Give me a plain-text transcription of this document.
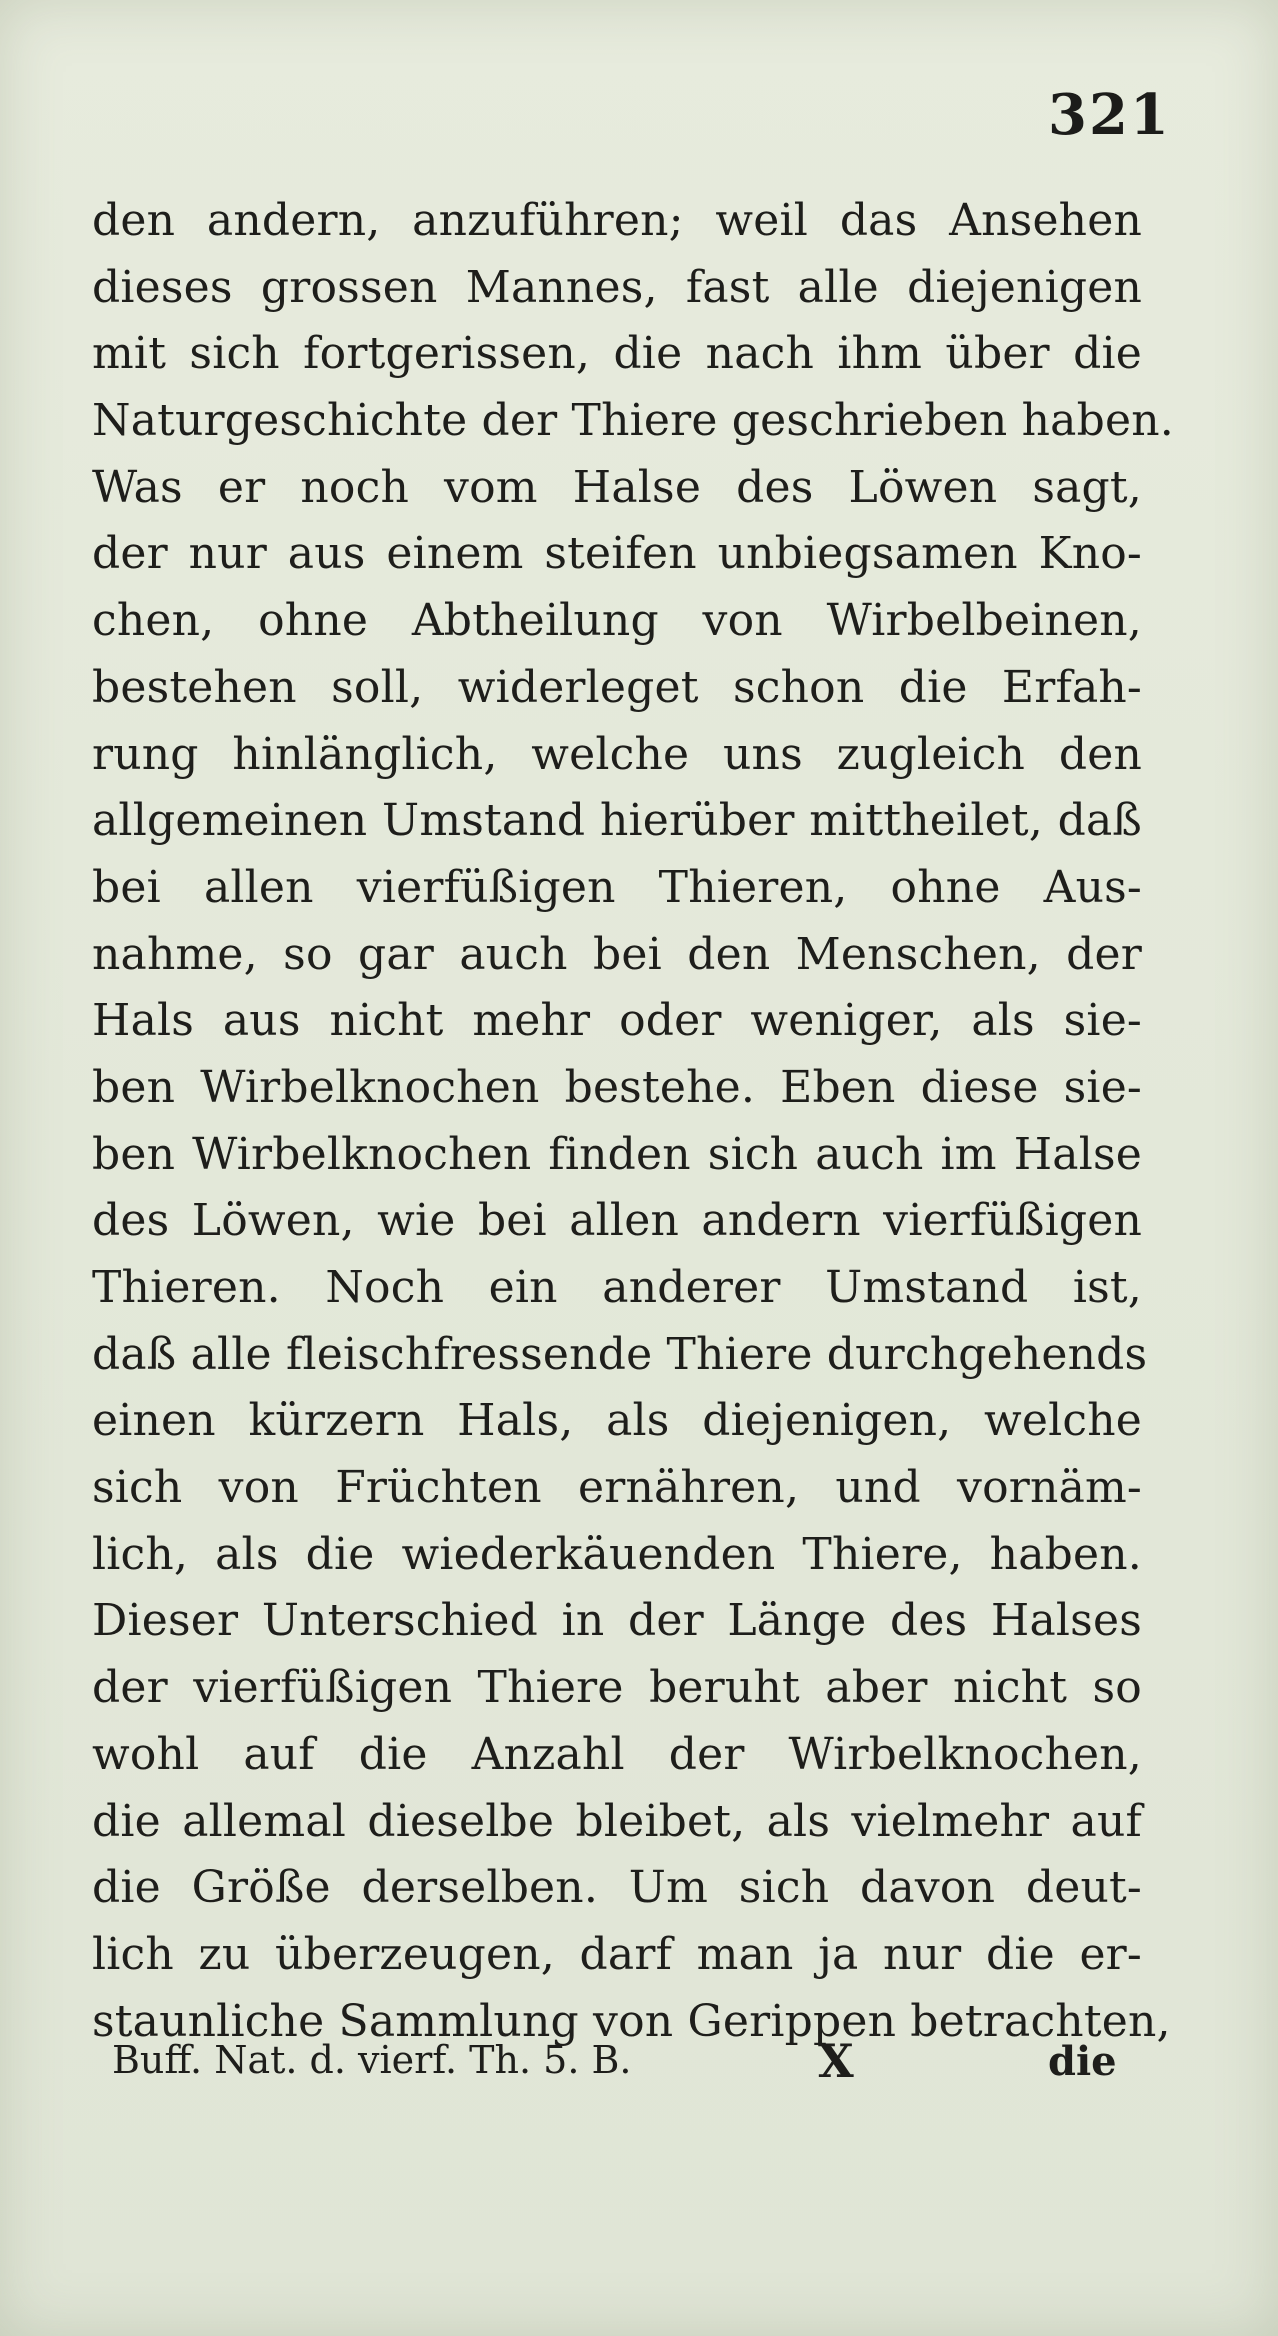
321
den andern, anzuführen; weil das Ansehen
dieses grossen Mannes, fast alle diejenigen
mit sich fortgerissen, die nach ihm über die
Naturgeschichte der Thiere geschrieben haben.
Was er noch vom Halse des Löwen sagt,
der nur aus einem steifen unbiegsamen Kno-
chen, ohne Abtheilung von Wirbelbeinen,
bestehen soll, widerleget schon die Erfah-
rung hinlänglich, welche uns zugleich den
allgemeinen Umstand hierüber mittheilet, daß
bei allen vierfüßigen Thieren, ohne Aus-
nahme, so gar auch bei den Menschen, der
Hals aus nicht mehr oder weniger, als sie-
ben Wirbelknochen bestehe. Eben diese sie-
ben Wirbelknochen finden sich auch im Halse
des Löwen, wie bei allen andern vierfüßigen
Thieren. Noch ein anderer Umstand ist,
daß alle fleischfressende Thiere durchgehends
einen kürzern Hals, als diejenigen, welche
sich von Früchten ernähren, und vornäm-
lich, als die wiederkäuenden Thiere, haben.
Dieser Unterschied in der Länge des Halses
der vierfüßigen Thiere beruht aber nicht so
wohl auf die Anzahl der Wirbelknochen,
die allemal dieselbe bleibet, als vielmehr auf
die Größe derselben. Um sich davon deut-
lich zu überzeugen, darf man ja nur die er-
staunliche Sammlung von Gerippen betrachten,
Buff. Nat. d. vierf. Th. 5. B.	X	die
